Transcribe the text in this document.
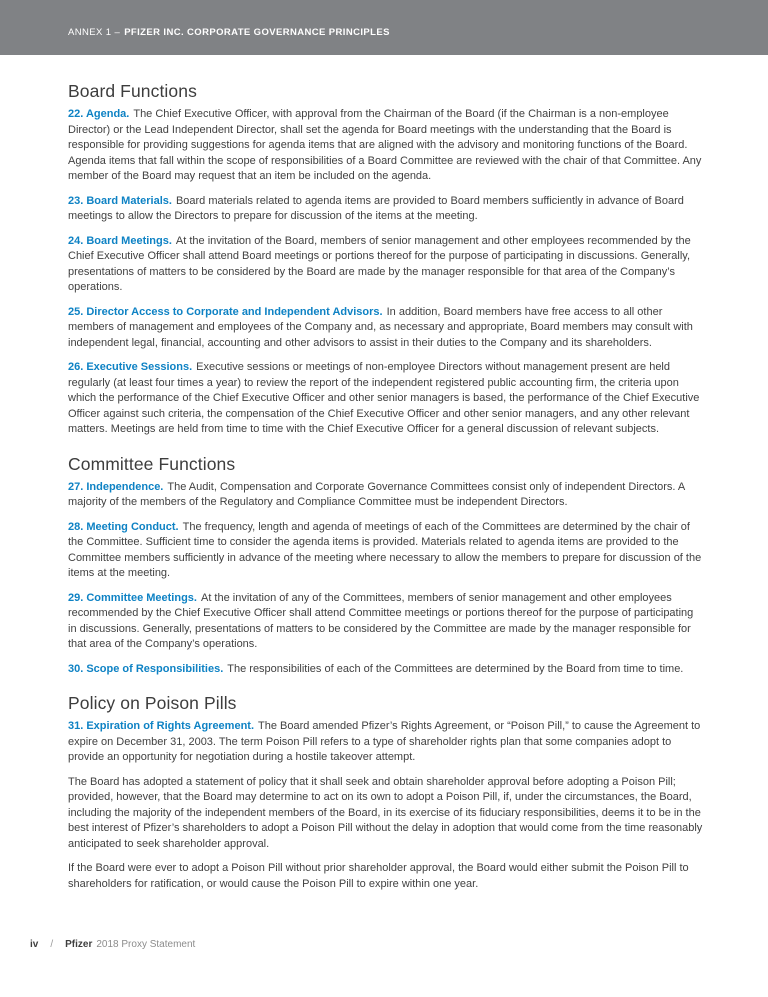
ANNEX 1 – PFIZER INC. CORPORATE GOVERNANCE PRINCIPLES
Board Functions

22. Agenda. The Chief Executive Officer, with approval from the Chairman of the Board (if the Chairman is a non-employee Director) or the Lead Independent Director, shall set the agenda for Board meetings with the understanding that the Board is responsible for providing suggestions for agenda items that are aligned with the advisory and monitoring functions of the Board. Agenda items that fall within the scope of responsibilities of a Board Committee are reviewed with the chair of that Committee. Any member of the Board may request that an item be included on the agenda.

23. Board Materials. Board materials related to agenda items are provided to Board members sufficiently in advance of Board meetings to allow the Directors to prepare for discussion of the items at the meeting.

24. Board Meetings. At the invitation of the Board, members of senior management and other employees recommended by the Chief Executive Officer shall attend Board meetings or portions thereof for the purpose of participating in discussions. Generally, presentations of matters to be considered by the Board are made by the manager responsible for that area of the Company’s operations.

25. Director Access to Corporate and Independent Advisors. In addition, Board members have free access to all other members of management and employees of the Company and, as necessary and appropriate, Board members may consult with independent legal, financial, accounting and other advisors to assist in their duties to the Company and its shareholders.

26. Executive Sessions. Executive sessions or meetings of non-employee Directors without management present are held regularly (at least four times a year) to review the report of the independent registered public accounting firm, the criteria upon which the performance of the Chief Executive Officer and other senior managers is based, the performance of the Chief Executive Officer against such criteria, the compensation of the Chief Executive Officer and other senior managers, and any other relevant matters. Meetings are held from time to time with the Chief Executive Officer for a general discussion of relevant subjects.

Committee Functions

27. Independence. The Audit, Compensation and Corporate Governance Committees consist only of independent Directors. A majority of the members of the Regulatory and Compliance Committee must be independent Directors.

28. Meeting Conduct. The frequency, length and agenda of meetings of each of the Committees are determined by the chair of the Committee. Sufficient time to consider the agenda items is provided. Materials related to agenda items are provided to the Committee members sufficiently in advance of the meeting where necessary to allow the members to prepare for discussion of the items at the meeting.

29. Committee Meetings. At the invitation of any of the Committees, members of senior management and other employees recommended by the Chief Executive Officer shall attend Committee meetings or portions thereof for the purpose of participating in discussions. Generally, presentations of matters to be considered by the Committee are made by the manager responsible for that area of the Company’s operations.

30. Scope of Responsibilities. The responsibilities of each of the Committees are determined by the Board from time to time.

Policy on Poison Pills

31. Expiration of Rights Agreement. The Board amended Pfizer’s Rights Agreement, or “Poison Pill,” to cause the Agreement to expire on December 31, 2003. The term Poison Pill refers to a type of shareholder rights plan that some companies adopt to provide an opportunity for negotiation during a hostile takeover attempt.

The Board has adopted a statement of policy that it shall seek and obtain shareholder approval before adopting a Poison Pill; provided, however, that the Board may determine to act on its own to adopt a Poison Pill, if, under the circumstances, the Board, including the majority of the independent members of the Board, in its exercise of its fiduciary responsibilities, deems it to be in the best interest of Pfizer’s shareholders to adopt a Poison Pill without the delay in adoption that would come from the time reasonably anticipated to seek shareholder approval.

If the Board were ever to adopt a Poison Pill without prior shareholder approval, the Board would either submit the Poison Pill to shareholders for ratification, or would cause the Poison Pill to expire within one year.

iv / Pfizer 2018 Proxy Statement
